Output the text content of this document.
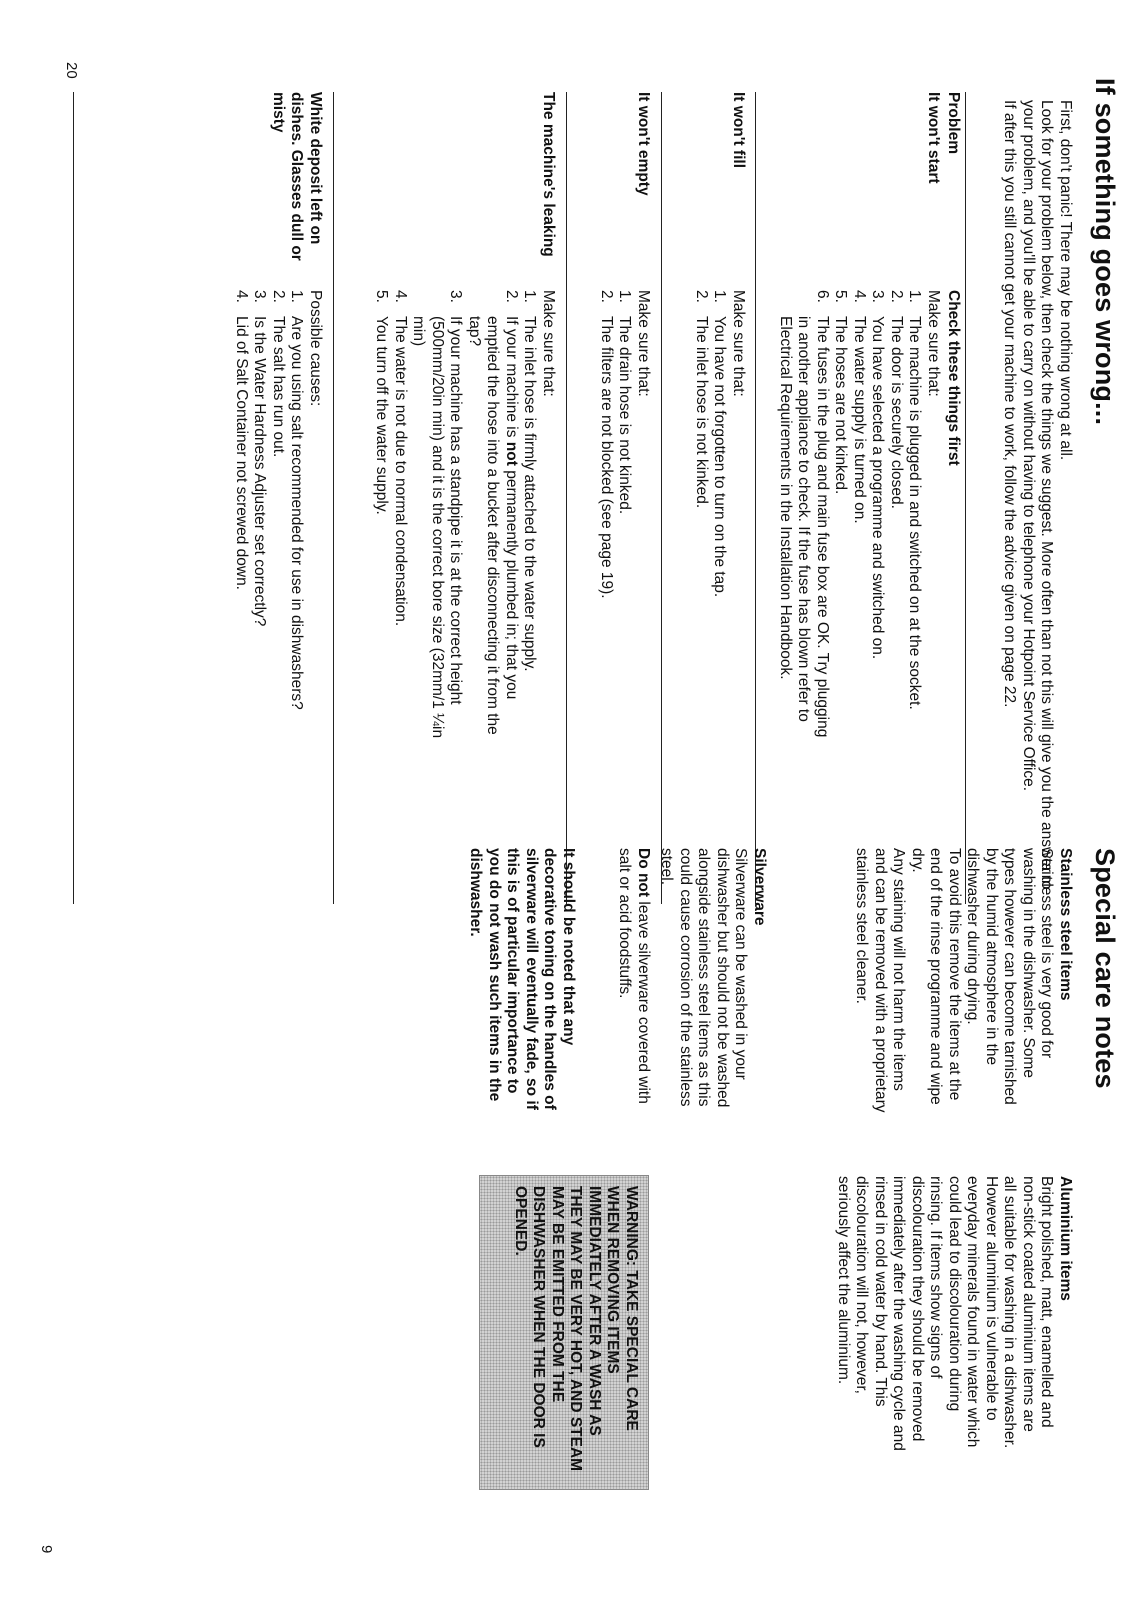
20
If something goes wrong...

First, don't panic! There may be nothing wrong at all.

Look for your problem below, then check the things we suggest. More often than not this will give you the answer to your problem, and you'll be able to carry on without having to telephone your Hotpoint Service Office.

If after this you still cannot get your machine to work, follow the advice given on page 22.

Problem
Check these things first
It won't start
Make sure that:
1.
The machine is plugged in and switched on at the socket.
2.
The door is securely closed.
3.
You have selected a programme and switched on.
4.
The water supply is turned on.
5.
The hoses are not kinked.
6.
The fuses in the plug and main fuse box are OK. Try plugging in another appliance to check. If the fuse has blown refer to Electrical Requirements in the Installation Handbook.
It won't fill
Make sure that:
1.
You have not forgotten to turn on the tap.
2.
The inlet hose is not kinked.
It won't empty
Make sure that:
1.
The drain hose is not kinked.
2.
The filters are not blocked (see page 19).
The machine's leaking
Make sure that:
1.
The inlet hose is firmly attached to the water supply.
2.
If your machine is not permanently plumbed in; that you emptied the hose into a bucket after disconnecting it from the tap?
3.
If your machine has a standpipe it is at the correct height (500mm/20in min) and it is the correct bore size (32mm/1 ¼in min)
4.
The water is not due to normal condensation.
5.
You turn off the water supply.
White deposit left on dishes. Glasses dull or misty
Possible causes:
1.
Are you using salt recommended for use in dishwashers?
2.
The salt has run out.
3.
Is the Water Hardness Adjuster set correctly?
4.
Lid of Salt Container not screwed down.
9
Special care notes
Stainless steel items

Stainless steel is very good for washing in the dishwasher. Some types however can become tarnished by the humid atmosphere in the dishwasher during drying.

To avoid this remove the items at the end of the rinse programme and wipe dry.

Any staining will not harm the items and can be removed with a proprietary stainless steel cleaner.

Silverware

Silverware can be washed in your dishwasher but should not be washed alongside stainless steel items as this could cause corrosion of the stainless steel.

Do not leave silverware covered with salt or acid foodstuffs.

It should be noted that any decorative toning on the handles of silverware will eventually fade, so if this is of particular importance to you do not wash such items in the dishwasher.
Aluminium items

Bright polished, matt, enamelled and non-stick coated aluminium items are all suitable for washing in a dishwasher.

However aluminium is vulnerable to everyday minerals found in water which could lead to discolouration during rinsing. If items show signs of discolouration they should be removed immediately after the washing cycle and rinsed in cold water by hand. This discolouration will not, however, seriously affect the aluminium.

WARNING: TAKE SPECIAL CARE WHEN REMOVING ITEMS IMMEDIATELY AFTER A WASH AS THEY MAY BE VERY HOT, AND STEAM MAY BE EMITTED FROM THE DISHWASHER WHEN THE DOOR IS OPENED.
